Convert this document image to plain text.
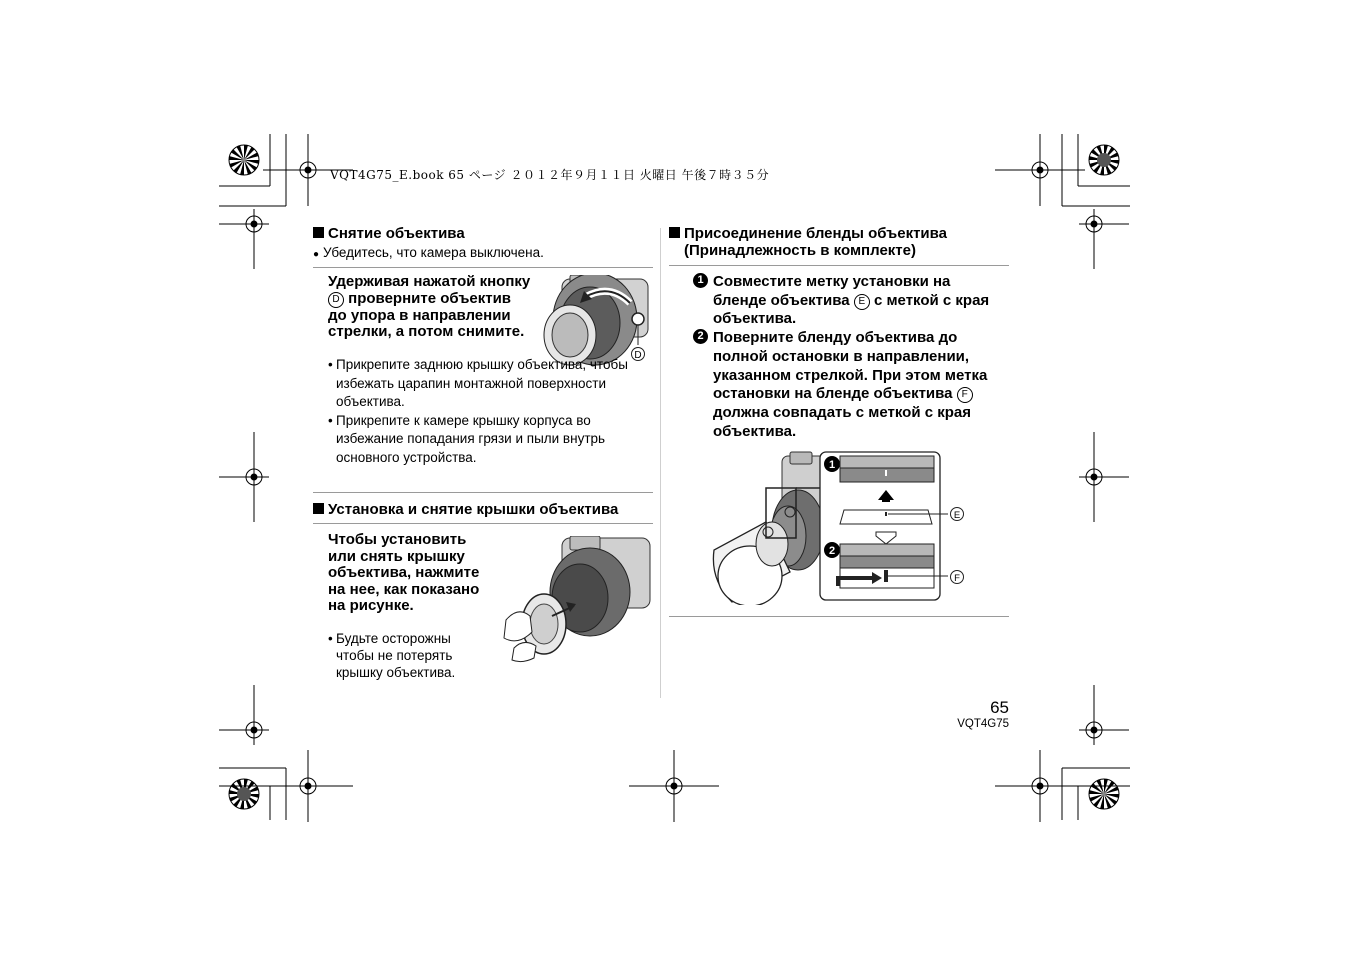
VQT4G75_E.book 65 ページ ２０１２年９月１１日 火曜日 午後７時３５分
Снятие объектива
● Убедитесь, что камера выключена.
Удерживая нажатой кнопку D проверните объектив до упора в направлении стрелки, а потом снимите.
D
• Прикрепите заднюю крышку объектива, чтобы избежать царапин монтажной поверхности объектива.
• Прикрепите к камере крышку корпуса во избежание попадания грязи и пыли внутрь основного устройства.
Установка и снятие крышки объектива
Чтобы установить или снять крышку объектива, нажмите на нее, как показано на рисунке.
• Будьте осторожны чтобы не потерять крышку объектива.
Присоединение бленды объектива
(Принадлежность в комплекте)
1 Совместите метку установки на бленде объектива E с меткой с края объектива.
2 Поверните бленду объектива до полной остановки в направлении, указанном стрелкой. При этом метка остановки на бленде объектива F должна совпадать с меткой с края объектива.
1
E
2
F
65
VQT4G75
